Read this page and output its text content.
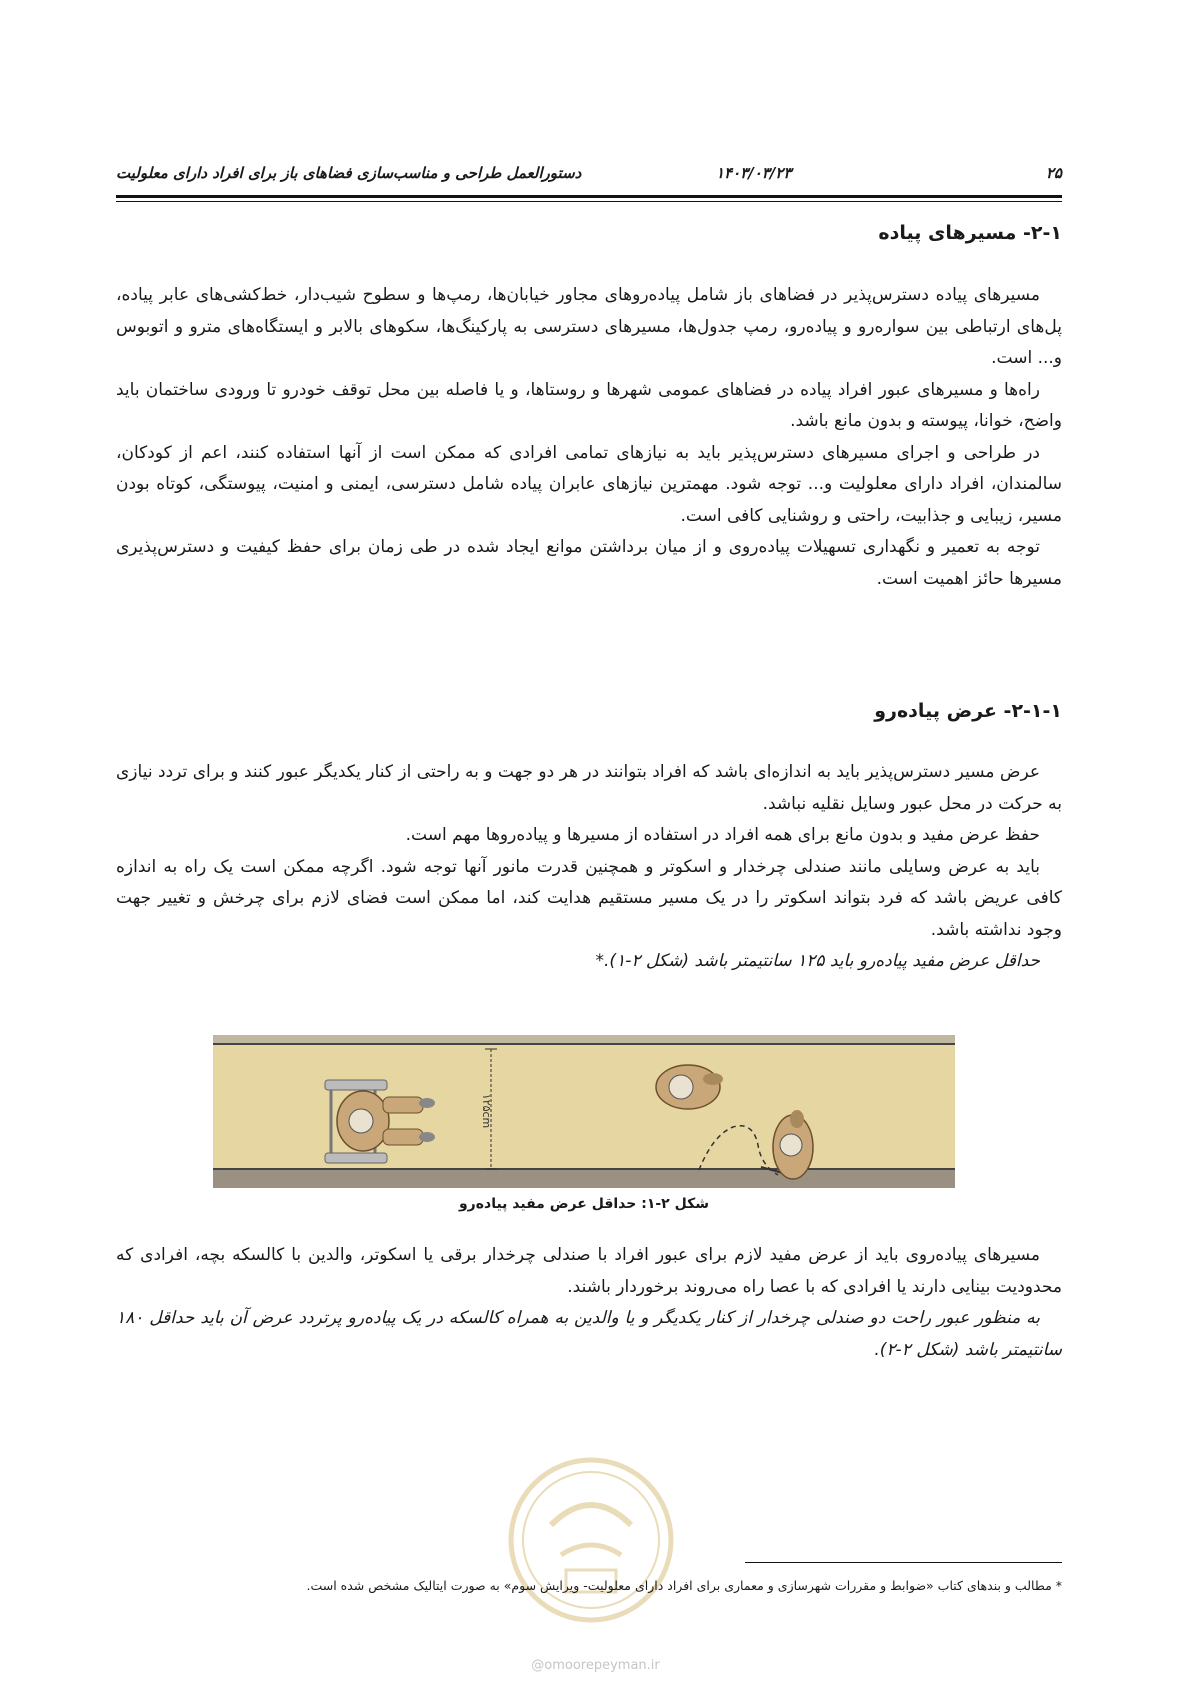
۲۵
۱۴۰۳/۰۳/۲۳
دستورالعمل طراحی و مناسب‌سازی فضاهای باز برای افراد دارای معلولیت
۲-۱- مسیرهای پیاده

مسیرهای پیاده دسترس‌پذیر در فضاهای باز شامل پیاده‌روهای مجاور خیابان‌ها، رمپ‌ها و سطوح شیب‌دار، خط‌کشی‌های عابر پیاده، پل‌های ارتباطی بین سواره‌رو و پیاده‌رو، رمپ جدول‌ها، مسیرهای دسترسی به پارکینگ‌ها، سکوهای بالابر و ایستگاه‌های مترو و اتوبوس و... است.

راه‌ها و مسیرهای عبور افراد پیاده در فضاهای عمومی شهرها و روستاها، و یا فاصله بین محل توقف خودرو تا ورودی ساختمان باید واضح، خوانا، پیوسته و بدون مانع باشد.

در طراحی و اجرای مسیرهای دسترس‌پذیر باید به نیازهای تمامی افرادی که ممکن است از آنها استفاده کنند، اعم از کودکان، سالمندان، افراد دارای معلولیت و... توجه شود. مهمترین نیازهای عابران پیاده شامل دسترسی، ایمنی و امنیت، پیوستگی، کوتاه بودن مسیر، زیبایی و جذابیت، راحتی و روشنایی کافی است.

توجه به تعمیر و نگهداری تسهیلات پیاده‌روی و از میان برداشتن موانع ایجاد شده در طی زمان برای حفظ کیفیت و دسترس‌پذیری مسیرها حائز اهمیت است.

۲-۱-۱- عرض پیاده‌رو

عرض مسیر دسترس‌پذیر باید به اندازه‌ای باشد که افراد بتوانند در هر دو جهت و به راحتی از کنار یکدیگر عبور کنند و برای تردد نیازی به حرکت در محل عبور وسایل نقلیه نباشد.

حفظ عرض مفید و بدون مانع برای همه افراد در استفاده از مسیرها و پیاده‌روها مهم است.

باید به عرض وسایلی مانند صندلی چرخدار و اسکوتر و همچنین قدرت مانور آنها توجه شود. اگرچه ممکن است یک راه به اندازه کافی عریض باشد که فرد بتواند اسکوتر را در یک مسیر مستقیم هدایت کند، اما ممکن است فضای لازم برای چرخش و تغییر جهت وجود نداشته باشد.

حداقل عرض مفید پیاده‌رو باید ۱۲۵ سانتیمتر باشد (شکل ۲-۱).*

۱۲۵cm
شکل ۲-۱: حداقل عرض مفید پیاده‌رو

مسیرهای پیاده‌روی باید از عرض مفید لازم برای عبور افراد با صندلی چرخدار برقی یا اسکوتر، والدین با کالسکه بچه، افرادی که محدودیت بینایی دارند یا افرادی که با عصا راه می‌روند برخوردار باشند.

به منظور عبور راحت دو صندلی چرخدار از کنار یکدیگر و یا والدین به همراه کالسکه در یک پیاده‌رو پرتردد عرض آن باید حداقل ۱۸۰ سانتیمتر باشد (شکل ۲-۲).

* مطالب و بندهای کتاب «ضوابط و مقررات شهرسازی و معماری برای افراد دارای معلولیت- ویرایش سوم» به صورت ایتالیک مشخص شده است.
@omoorepeyman.ir
